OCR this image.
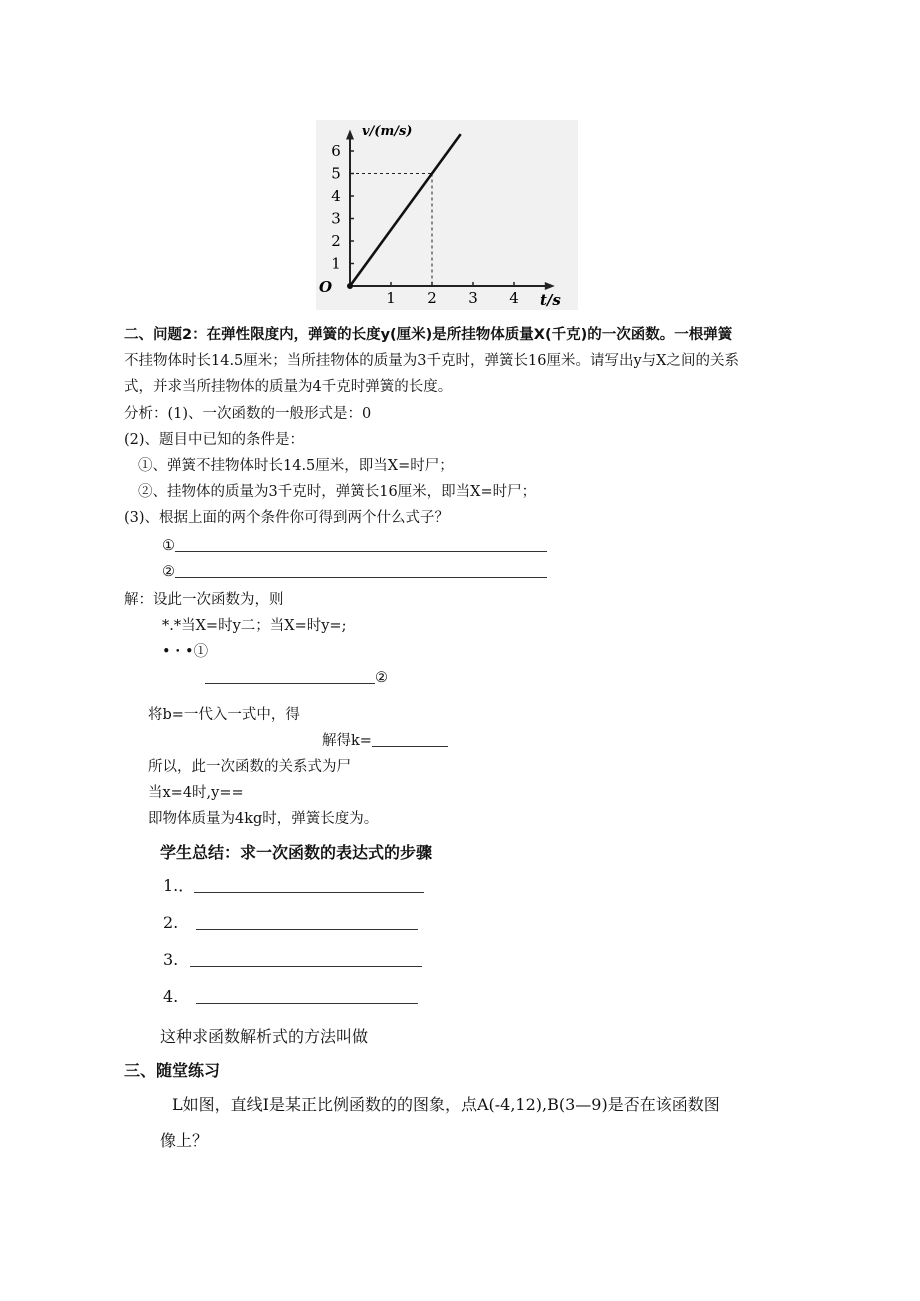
1 2 3 4
1
2
3
4
5
6
v/(m/s)
t/s
O
二、问题2：在弹性限度内，弹簧的长度y(厘米)是所挂物体质量X(千克)的一次函数。一根弹簧
不挂物体时长14.5厘米；当所挂物体的质量为3千克时，弹簧长16厘米。请写出y与X之间的关系
式，并求当所挂物体的质量为4千克时弹簧的长度。
分析：(1)、一次函数的一般形式是：0
(2)、题目中已知的条件是：
①、弹簧不挂物体时长14.5厘米，即当X=时尸；
②、挂物体的质量为3千克时，弹簧长16厘米，即当X=时尸；
(3)、根据上面的两个条件你可得到两个什么式子？
①
②
解：设此一次函数为，则
*.*当X=时y二；当X=时y=;
•・•①
②
将b=一代入一式中，得
解得k=
所以，此一次函数的关系式为尸
当x=4时,y==
即物体质量为4kg时，弹簧长度为。
学生总结：求一次函数的表达式的步骤
1.．
2.
3.
4.
这种求函数解析式的方法叫做
三、随堂练习
L如图，直线I是某正比例函数的的图象，点A(-4,12),B(3—9)是否在该函数图
像上？
